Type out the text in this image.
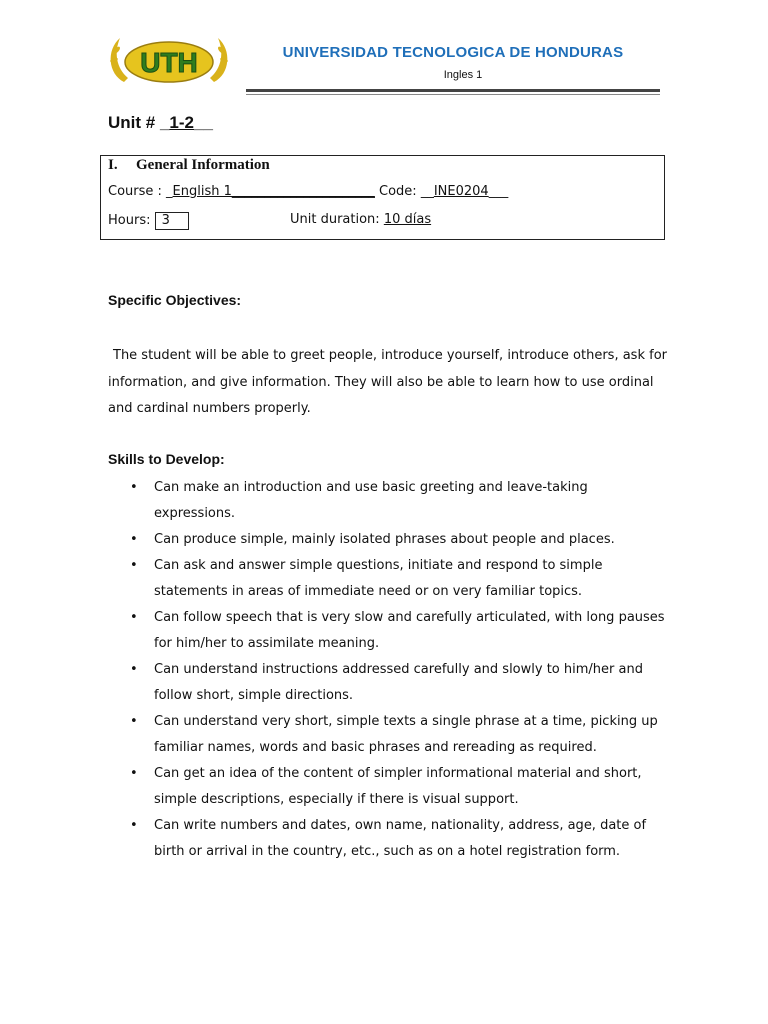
UTH	UNIVERSIDAD TECNOLOGICA DE HONDURAS
Ingles 1
Unit # _1-2__
I. General Information
Course : _English 1______________________ Code: __INE0204___
Hours: 3	Unit duration: 10 días
Specific Objectives:
The student will be able to greet people, introduce yourself, introduce others, ask for information, and give information. They will also be able to learn how to use ordinal and cardinal numbers properly.
Skills to Develop:
• Can make an introduction and use basic greeting and leave-taking expressions.
• Can produce simple, mainly isolated phrases about people and places.
• Can ask and answer simple questions, initiate and respond to simple statements in areas of immediate need or on very familiar topics.
• Can follow speech that is very slow and carefully articulated, with long pauses for him/her to assimilate meaning.
• Can understand instructions addressed carefully and slowly to him/her and follow short, simple directions.
• Can understand very short, simple texts a single phrase at a time, picking up familiar names, words and basic phrases and rereading as required.
• Can get an idea of the content of simpler informational material and short, simple descriptions, especially if there is visual support.
• Can write numbers and dates, own name, nationality, address, age, date of birth or arrival in the country, etc., such as on a hotel registration form.
